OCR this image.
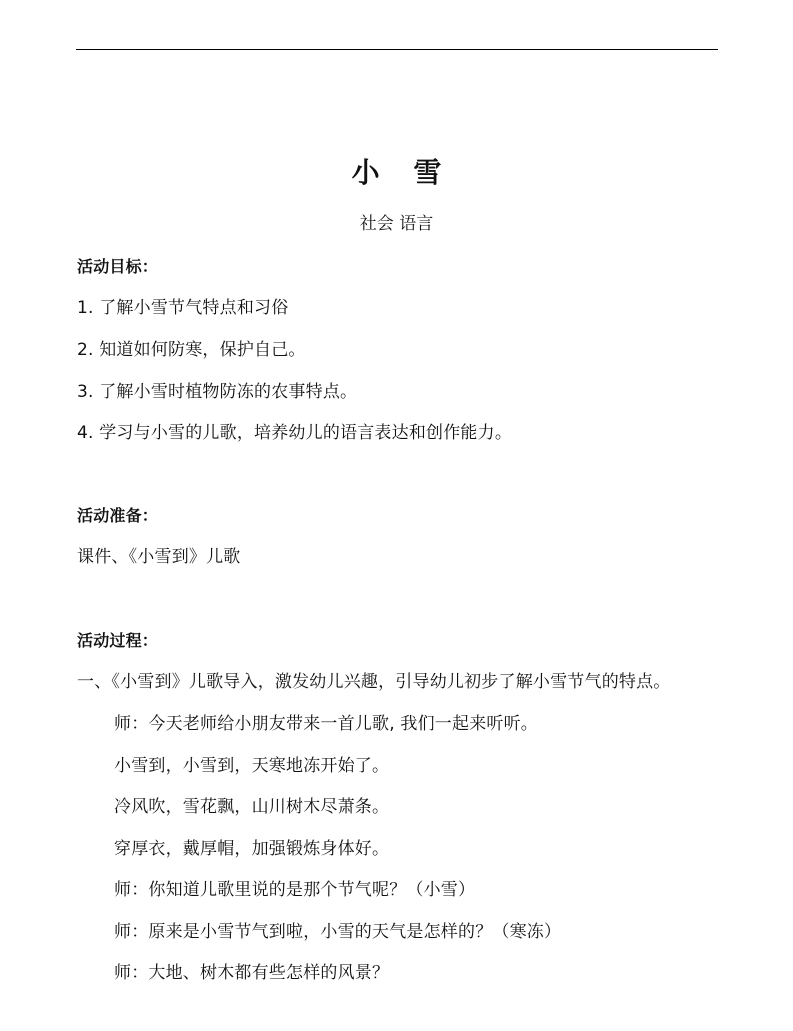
小 雪
社会 语言
活动目标：
1. 了解小雪节气特点和习俗
2. 知道如何防寒，保护自己。
3. 了解小雪时植物防冻的农事特点。
4. 学习与小雪的儿歌，培养幼儿的语言表达和创作能力。
活动准备：
课件、《小雪到》儿歌
活动过程：
一、《小雪到》儿歌导入，激发幼儿兴趣，引导幼儿初步了解小雪节气的特点。
师：今天老师给小朋友带来一首儿歌, 我们一起来听听。
小雪到，小雪到，天寒地冻开始了。
冷风吹，雪花飘，山川树木尽萧条。
穿厚衣，戴厚帽，加强锻炼身体好。
师：你知道儿歌里说的是那个节气呢？（小雪）
师：原来是小雪节气到啦，小雪的天气是怎样的？（寒冻）
师：大地、树木都有些怎样的风景？
